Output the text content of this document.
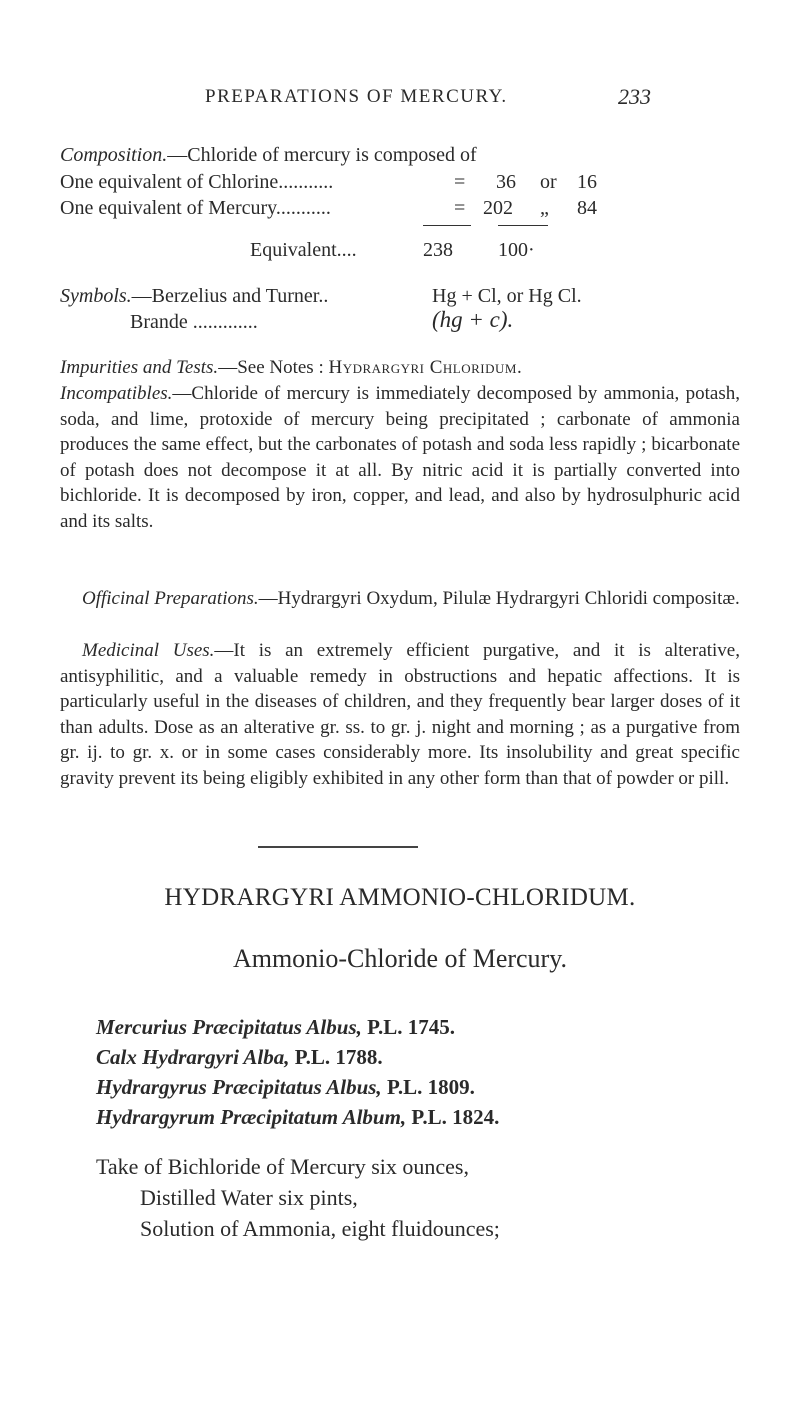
PREPARATIONS OF MERCURY.	233
Composition.—Chloride of mercury is composed of
One equivalent of Chlorine...........	= 36 or 16
One equivalent of Mercury...........	= 202 „ 84
Equivalent....	238 100·
Symbols.—Berzelius and Turner..	Hg + Cl, or Hg Cl.
Brande .............	(hg + c).
Impurities and Tests.—See Notes : Hydrargyri Chloridum.
Incompatibles.—Chloride of mercury is immediately decomposed by ammonia, potash, soda, and lime, protoxide of mercury being precipitated ; carbonate of ammonia produces the same effect, but the carbonates of potash and soda less rapidly ; bicarbonate of potash does not decompose it at all. By nitric acid it is partially converted into bichloride. It is decomposed by iron, copper, and lead, and also by hydrosulphuric acid and its salts.
Officinal Preparations.—Hydrargyri Oxydum, Pilulæ Hydrargyri Chloridi compositæ.
Medicinal Uses.—It is an extremely efficient purgative, and it is alterative, antisyphilitic, and a valuable remedy in obstructions and hepatic affections. It is particularly useful in the diseases of children, and they frequently bear larger doses of it than adults. Dose as an alterative gr. ss. to gr. j. night and morning ; as a purgative from gr. ij. to gr. x. or in some cases considerably more. Its insolubility and great specific gravity prevent its being eligibly exhibited in any other form than that of powder or pill.
HYDRARGYRI AMMONIO-CHLORIDUM.
Ammonio-Chloride of Mercury.
Mercurius Præcipitatus Albus, P.L. 1745.
Calx Hydrargyri Alba, P.L. 1788.
Hydrargyrus Præcipitatus Albus, P.L. 1809.
Hydrargyrum Præcipitatum Album, P.L. 1824.
Take of Bichloride of Mercury six ounces,
Distilled Water six pints,
Solution of Ammonia, eight fluidounces;
